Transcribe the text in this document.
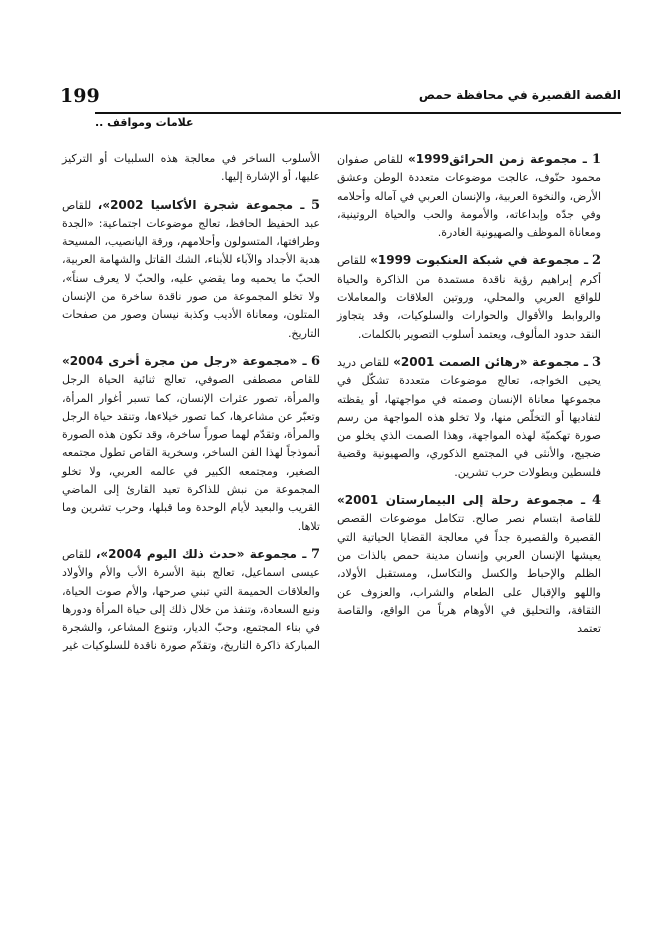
199	القصة القصيرة في محافظة حمص
علامات ومواقف ..

1 ـ مجموعة زمن الحرائق1999» للقاص صفوان محمود حنّوف، عالجت موضوعات متعددة الوطن وعشق الأرض، والنخوة العربية، والإنسان العربي في آماله وأحلامه وفي جدّه وإبداعاته، والأمومة والحب والحياة الروتينية، ومعاناة الموظف والصهيونية الغادرة.

2 ـ مجموعة في شبكة العنكبوت 1999» للقاص أكرم إبراهيم رؤية ناقدة مستمدة من الذاكرة والحياة للواقع العربي والمحلي، وروتين العلاقات والمعاملات والروابط والأقوال والحوارات والسلوكيات، وقد يتجاوز النقد حدود المألوف، ويعتمد أسلوب التصوير بالكلمات.

3 ـ مجموعة «رهائن الصمت 2001» للقاص دريد يحيى الخواجه، تعالج موضوعات متعددة تشكّل في مجموعها معاناة الإنسان وصمته في مواجهتها، أو يقظته لتفاديها أو التخلّص منها، ولا تخلو هذه المواجهة من رسم صورة تهكميّة لهذه المواجهة، وهذا الصمت الذي يخلو من ضجيج، والأنثى في المجتمع الذكوري، والصهيونية وقضية فلسطين وبطولات حرب تشرين.

4 ـ مجموعة رحلة إلى البيمارستان 2001» للقاصة ابتسام نصر صالح. تتكامل موضوعات القصص القصيرة والقصيرة جداً في معالجة القضايا الحياتية التي يعيشها الإنسان العربي وإنسان مدينة حمص بالذات من الظلم والإحباط والكسل والتكاسل، ومستقبل الأولاد، واللهو والإقبال على الطعام والشراب، والعزوف عن الثقافة، والتحليق في الأوهام هرباً من الواقع، والقاصة تعتمد

الأسلوب الساخر في معالجة هذه السلبيات أو التركيز عليها، أو الإشارة إليها.

5 ـ مجموعة شجرة الأكاسيا 2002»، للقاص عبد الحفيظ الحافظ، تعالج موضوعات اجتماعية: «الجدة وطرافتها، المتسولون وأحلامهم، ورقة اليانصيب، المسيحة هدية الأجداد والآباء للأبناء، الشك القاتل والشهامة العربية، الحبّ ما يحميه وما يقضي عليه، والحبّ لا يعرف سناً»، ولا تخلو المجموعة من صور ناقدة ساخرة من الإنسان المتلون، ومعاناة الأديب وكذبة نيسان وصور من صفحات التاريخ.

6 ـ «مجموعة «رجل من مجرة أخرى 2004» للقاص مصطفى الصوفي، تعالج ثنائية الحياة الرجل والمرأة، تصور عثرات الإنسان، كما تسبر أغوار المرأة، وتعبّر عن مشاعرها، كما تصور خيلاءها، وتنقد حياة الرجل والمرأة، وتقدّم لهما صوراً ساخرة، وقد تكون هذه الصورة أنموذجاً لهذا الفن الساخر، وسخرية القاص تطول مجتمعه الصغير، ومجتمعه الكبير في عالمه العربي، ولا تخلو المجموعة من نبش للذاكرة تعيد القارئ إلى الماضي القريب والبعيد لأيام الوحدة وما قبلها، وحرب تشرين وما تلاها.

7 ـ مجموعة «حدث ذلك اليوم 2004»، للقاص عيسى اسماعيل، تعالج بنية الأسرة الأب والأم والأولاد والعلاقات الحميمة التي تبني صرحها، والأم صوت الحياة، ونبع السعادة، وتنفذ من خلال ذلك إلى حياة المرأة ودورها في بناء المجتمع، وحبّ الديار، وتنوع المشاعر، والشجرة المباركة ذاكرة التاريخ، وتقدّم صورة ناقدة للسلوكيات غير
